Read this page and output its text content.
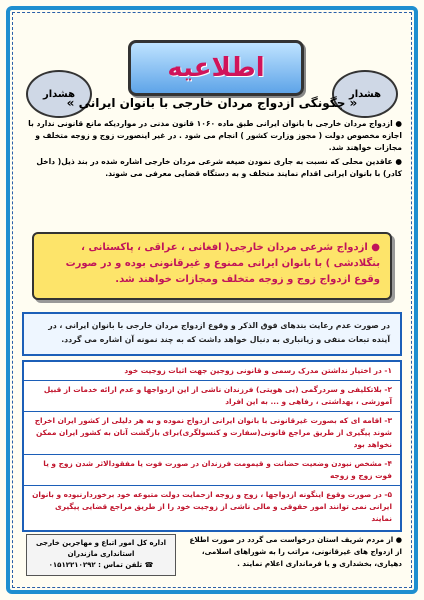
اطلاعیه
هشدار	هشدار
« چگونگی ازدواج مردان خارجی با بانوان ایرانی »

● ازدواج مردان خارجی با بانوان ایرانی طبق ماده ۱۰۶۰ قانون مدنی در مواردیکه مانع قانونی ندارد با اجازه مخصوص دولت ( مجوز وزارت کشور ) انجام می شود . در غیر اینصورت زوج و زوجه متخلف و مجازات خواهند شد.

● عاقدین محلی که نسبت به جاری نمودن صیغه شرعی مردان خارجی اشاره شده در بند ذیل( داخل کادر) با بانوان ایرانی اقدام نمایند متخلف و به دستگاه قضایی معرفی می شوند.

● ازدواج شرعی مردان خارجی( افغانی ، عراقی ، پاکستانی ، بنگلادشی ) با بانوان ایرانی ممنوع و غیرقانونی بوده و در صورت وقوع ازدواج زوج و زوجه متخلف ومجازات خواهند شد.
در صورت عدم رعایت بندهای فوق الذکر و وقوع ازدواج مردان خارجی با بانوان ایرانی ، در آینده تبعات منفی و زیانباری به دنبال خواهد داشت که به چند نمونه آن اشاره می گردد.
۱- در اختیار نداشتن مدرک رسمی و قانونی زوجین جهت اثبات زوجیت خود
۲- بلاتکلیفی و سردرگمی (بی هویتی) فرزندان ناشی از این ازدواجها و عدم ارائه خدمات از قبیل آموزشی ، بهداشتی ، رفاهی و ... به این افراد
۳- اقامه ای که بصورت غیرقانونی با بانوان ایرانی ازدواج نموده و به هر دلیلی از کشور ایران اخراج شوند پیگیری از طریق مراجع قانونی(سفارت و کنسولگری)برای بازگشت آنان به کشور ایران ممکن نخواهد بود
۴- مشخص نبودن وضعیت حضانت و قیمومت فرزندان در صورت فوت یا مفقودالاثر شدن زوج و یا فوت زوج و زوجه
۵- در صورت وقوع اینگونه ازدواجها ، زوج و زوجه ازحمایت دولت متبوعه خود برخوردارنبوده و بانوان ایرانی نمی توانند امور حقوقی و مالی ناشی از زوجیت خود را از طریق مراجع قضایی پیگیری نمایند
اداره کل امور اتباع و مهاجرین خارجی
استانداری مازندران
☎ تلفن تماس : ۰۱۵۱۲۲۱۰۲۹۲
● از مردم شریف استان درخواست می گردد در صورت اطلاع از ازدواج های غیرقانونی، مراتب را به شوراهای اسلامی، دهیاری، بخشداری و یا فرمانداری اعلام نمایند .
